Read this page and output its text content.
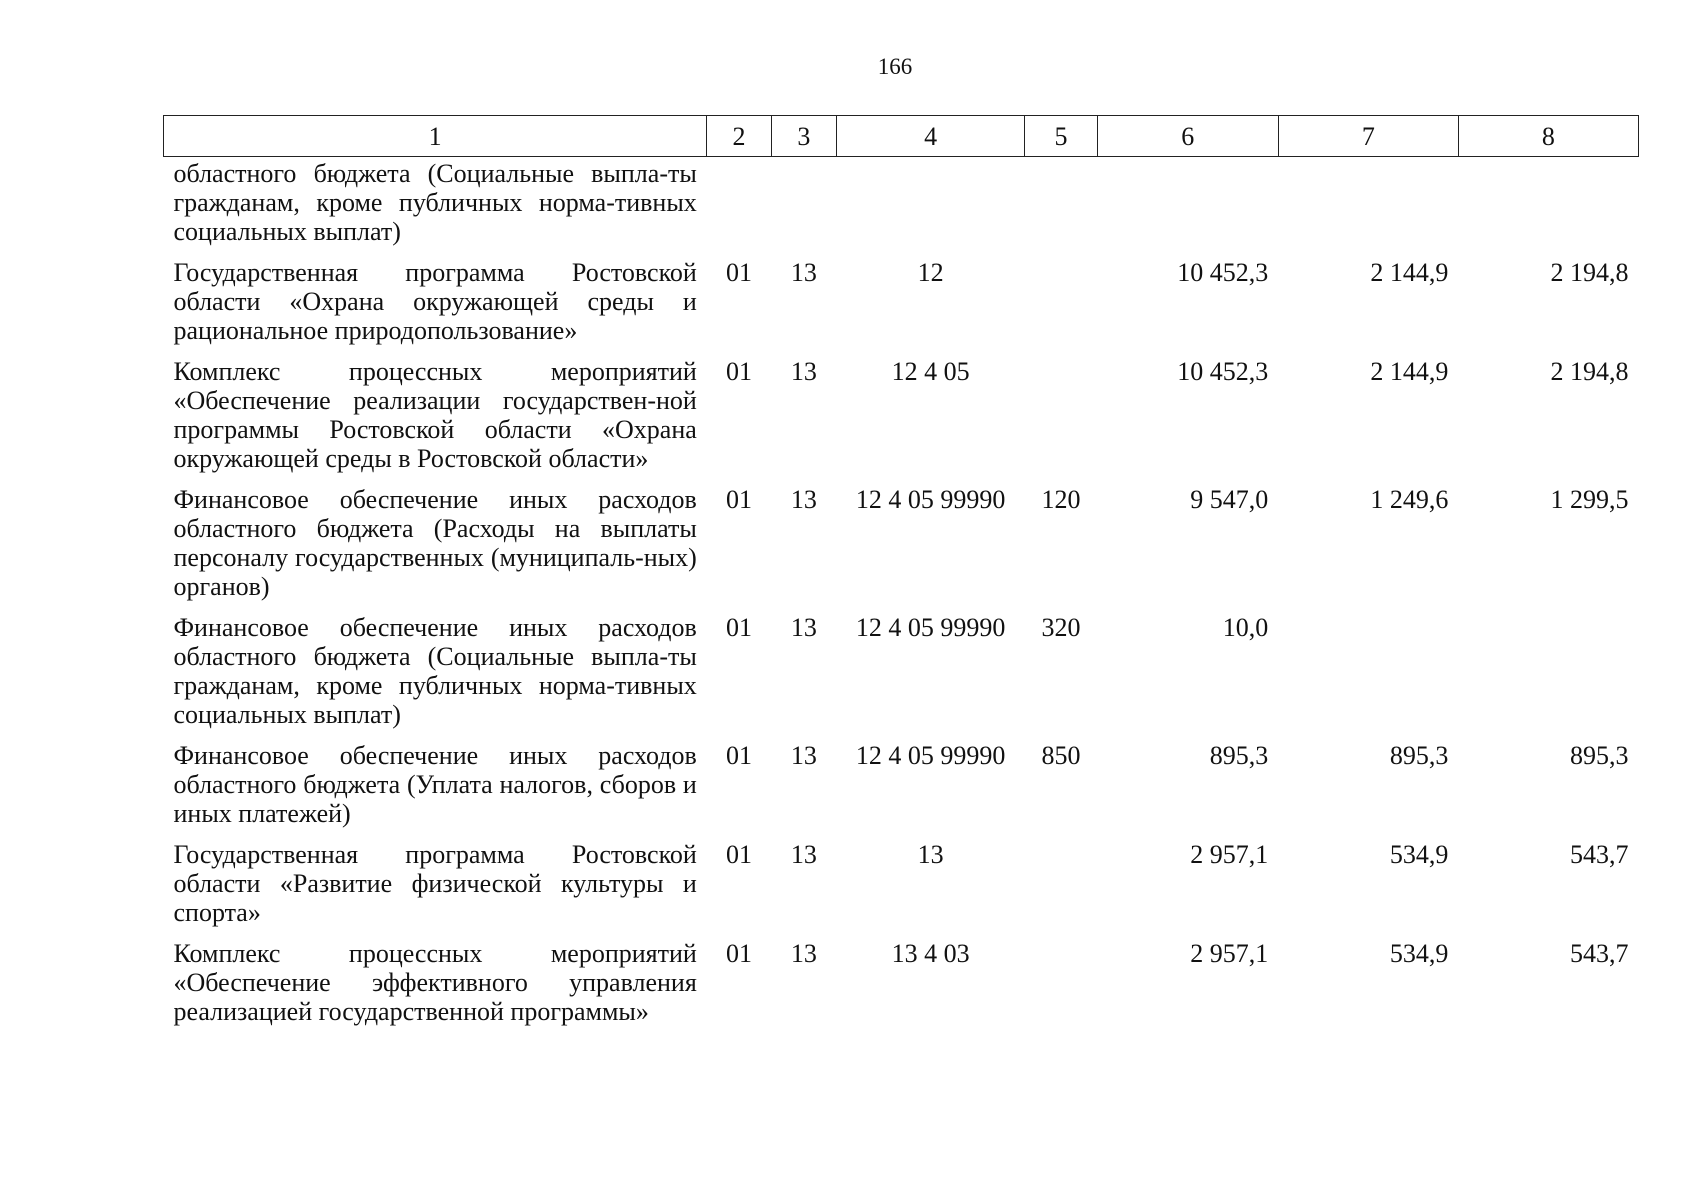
166
1	2	3	4	5	6	7	8
областного бюджета (Социальные выпла-ты гражданам, кроме публичных норма-тивных социальных выплат)							
Государственная программа Ростовской области «Охрана окружающей среды и рациональное природопользование»	01	13	12		10 452,3	2 144,9	2 194,8
Комплекс процессных мероприятий «Обеспечение реализации государствен-ной программы Ростовской области «Охрана окружающей среды в Ростовской области»	01	13	12 4 05		10 452,3	2 144,9	2 194,8
Финансовое обеспечение иных расходов областного бюджета (Расходы на выплаты персоналу государственных (муниципаль-ных) органов)	01	13	12 4 05 99990	120	9 547,0	1 249,6	1 299,5
Финансовое обеспечение иных расходов областного бюджета (Социальные выпла-ты гражданам, кроме публичных норма-тивных социальных выплат)	01	13	12 4 05 99990	320	10,0		
Финансовое обеспечение иных расходов областного бюджета (Уплата налогов, сборов и иных платежей)	01	13	12 4 05 99990	850	895,3	895,3	895,3
Государственная программа Ростовской области «Развитие физической культуры и спорта»	01	13	13		2 957,1	534,9	543,7
Комплекс процессных мероприятий «Обеспечение эффективного управления реализацией государственной программы»	01	13	13 4 03		2 957,1	534,9	543,7
